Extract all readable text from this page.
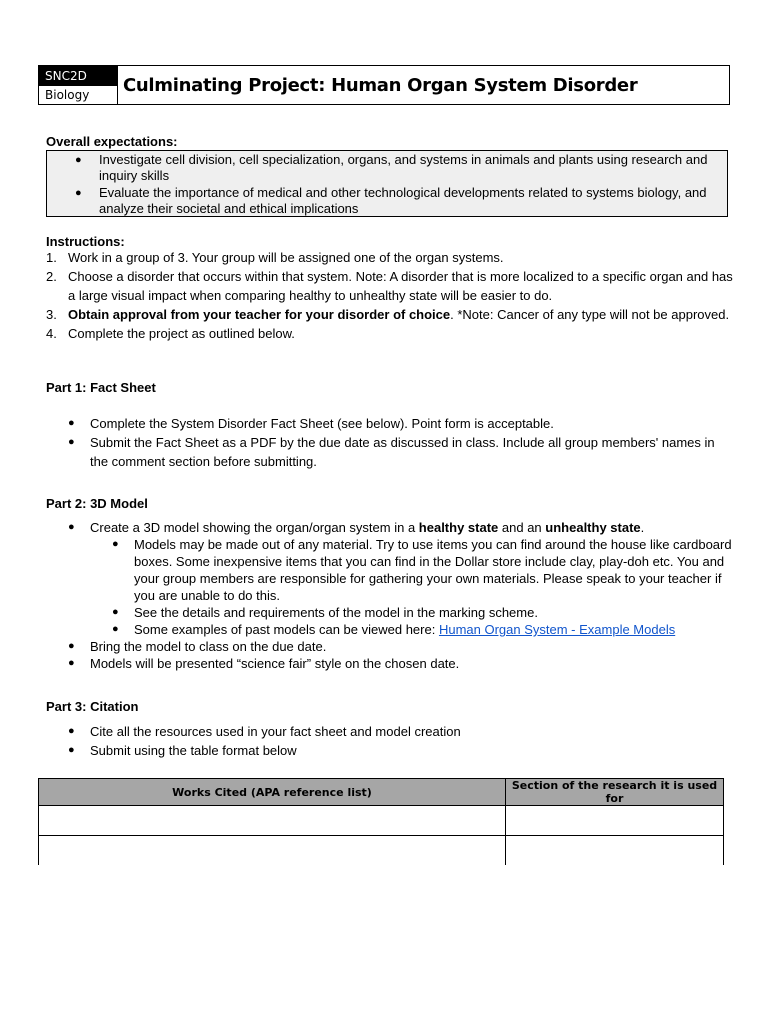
SNC2D
Biology	Culminating Project: Human Organ System Disorder
Overall expectations:
● Investigate cell division, cell specialization, organs, and systems in animals and plants using research and inquiry skills
● Evaluate the importance of medical and other technological developments related to systems biology, and analyze their societal and ethical implications
Instructions:
1. Work in a group of 3. Your group will be assigned one of the organ systems.
2. Choose a disorder that occurs within that system. Note: A disorder that is more localized to a specific organ and has a large visual impact when comparing healthy to unhealthy state will be easier to do.
3. Obtain approval from your teacher for your disorder of choice. *Note: Cancer of any type will not be approved.
4. Complete the project as outlined below.
Part 1: Fact Sheet
● Complete the System Disorder Fact Sheet (see below). Point form is acceptable.
● Submit the Fact Sheet as a PDF by the due date as discussed in class. Include all group members' names in the comment section before submitting.
Part 2: 3D Model
● Create a 3D model showing the organ/organ system in a healthy state and an unhealthy state.
● Models may be made out of any material. Try to use items you can find around the house like cardboard boxes. Some inexpensive items that you can find in the Dollar store include clay, play-doh etc. You and your group members are responsible for gathering your own materials. Please speak to your teacher if you are unable to do this.
● See the details and requirements of the model in the marking scheme.
● Some examples of past models can be viewed here: Human Organ System - Example Models
● Bring the model to class on the due date.
● Models will be presented “science fair” style on the chosen date.
Part 3: Citation
● Cite all the resources used in your fact sheet and model creation
● Submit using the table format below
Works Cited (APA reference list)	Section of the research it is used for
